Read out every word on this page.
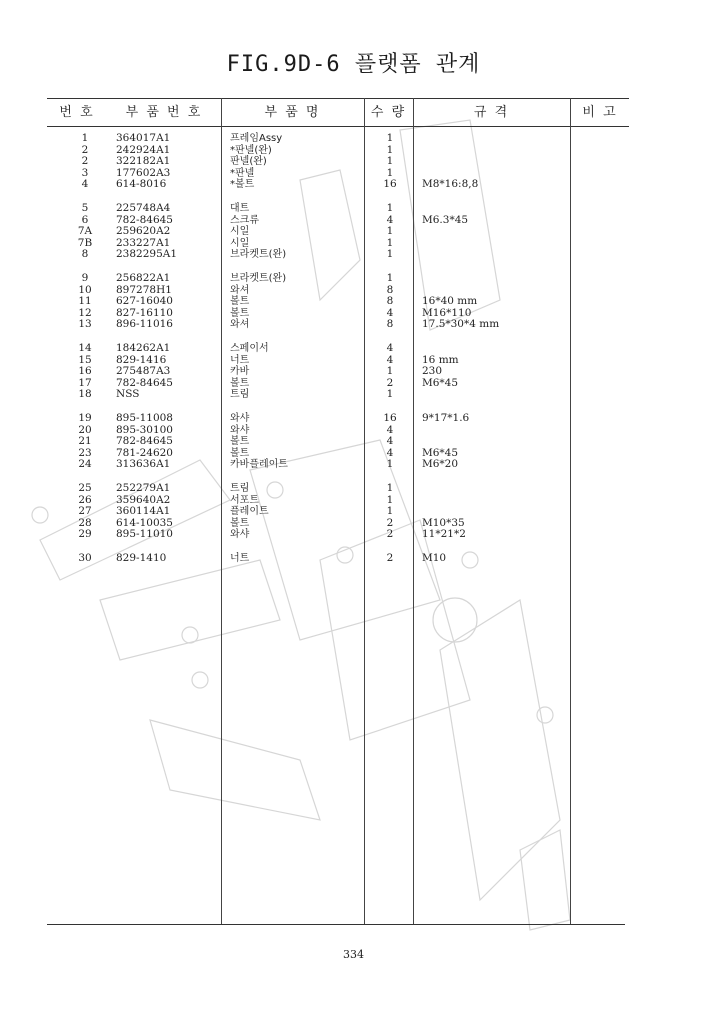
FIG.9D-6 플랫폼 관계
번 호	부 품 번 호	부 품 명	수 량	규 격	비 고
1	364017A1	프레임Assy	1
2	242924A1	*판넬(완)	1
2	322182A1	판넬(완)	1
3	177602A3	*판넬	1
4	614-8016	*볼트	16	M8*16:8,8
5	225748A4	대트	1
6	782-84645	스크류	4	M6.3*45
7A	259620A2	시일	1
7B	233227A1	시일	1
8	2382295A1	브라켓트(완)	1
9	256822A1	브라켓트(완)	1
10	897278H1	와셔	8
11	627-16040	볼트	8	16*40 mm
12	827-16110	볼트	4	M16*110
13	896-11016	와셔	8	17.5*30*4 mm
14	184262A1	스페이서	4
15	829-1416	너트	4	16 mm
16	275487A3	카바	1	230
17	782-84645	볼트	2	M6*45
18	NSS	트림	1
19	895-11008	와샤	16	9*17*1.6
20	895-30100	와샤	4
21	782-84645	볼트	4
23	781-24620	볼트	4	M6*45
24	313636A1	카바플레이트	1	M6*20
25	252279A1	트림	1
26	359640A2	서포트	1
27	360114A1	플레이트	1
28	614-10035	볼트	2	M10*35
29	895-11010	와샤	2	11*21*2
30	829-1410	너트	2	M10
334
